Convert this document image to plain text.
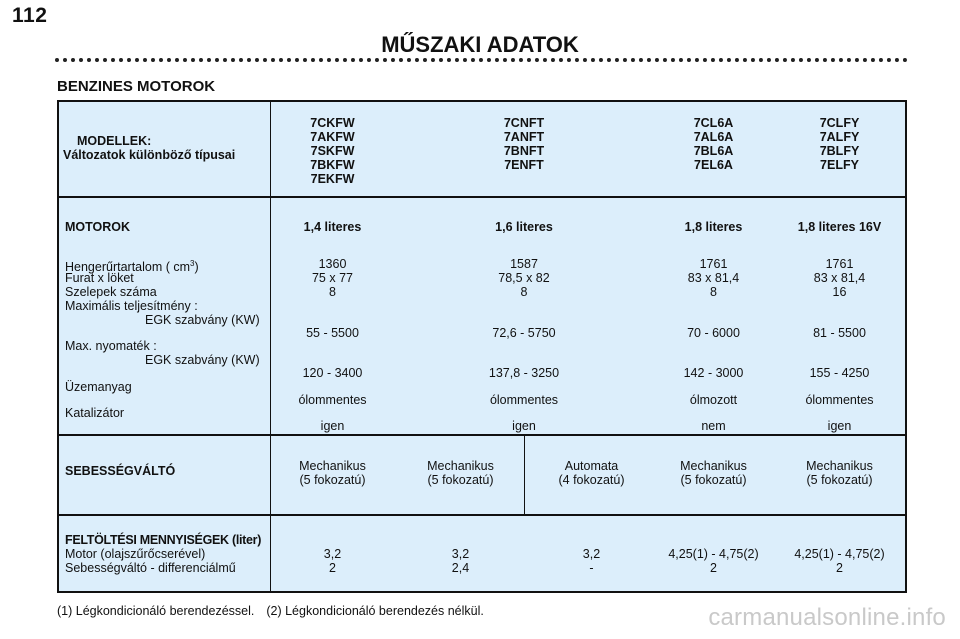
112
MŰSZAKI ADATOK
BENZINES MOTOROK
MODELLEK:
Változatok különböző típusai
7CKFW
7AKFW
7SKFW
7BKFW
7EKFW
7CNFT
7ANFT
7BNFT
7ENFT
7CL6A
7AL6A
7BL6A
7EL6A
7CLFY
7ALFY
7BLFY
7ELFY
MOTOROK
Hengerűrtartalom ( $cm^3$)
Furat x löket
Szelepek száma
Maximális teljesítmény :
EGK szabvány (KW)
Max. nyomaték :
EGK szabvány (KW)
Üzemanyag
Katalizátor
1,4 literes
1360
75 x 77
8
55 - 5500
120 - 3400
ólommentes
igen
1,6 literes
1587
78,5 x 82
8
72,6 - 5750
137,8 - 3250
ólommentes
igen
1,8 literes
1761
83 x 81,4
8
70 - 6000
142 - 3000
ólmozott
nem
1,8 literes 16V
1761
83 x 81,4
16
81 - 5500
155 - 4250
ólommentes
igen
SEBESSÉGVÁLTÓ	Mechanikus
(5 fokozatú)
Mechanikus
(5 fokozatú)
Automata
(4 fokozatú)
Mechanikus
(5 fokozatú)
Mechanikus
(5 fokozatú)
FELTÖLTÉSI MENNYISÉGEK (liter)
Motor (olajszűrőcserével)
Sebességváltó - differenciálmű
3,2
2
3,2
2,4
3,2
-
4,25(1) - 4,75(2)
2
4,25(1) - 4,75(2)
2
(1) Légkondicionáló berendezéssel. (2) Légkondicionáló berendezés nélkül.	carmanualsonline.info
